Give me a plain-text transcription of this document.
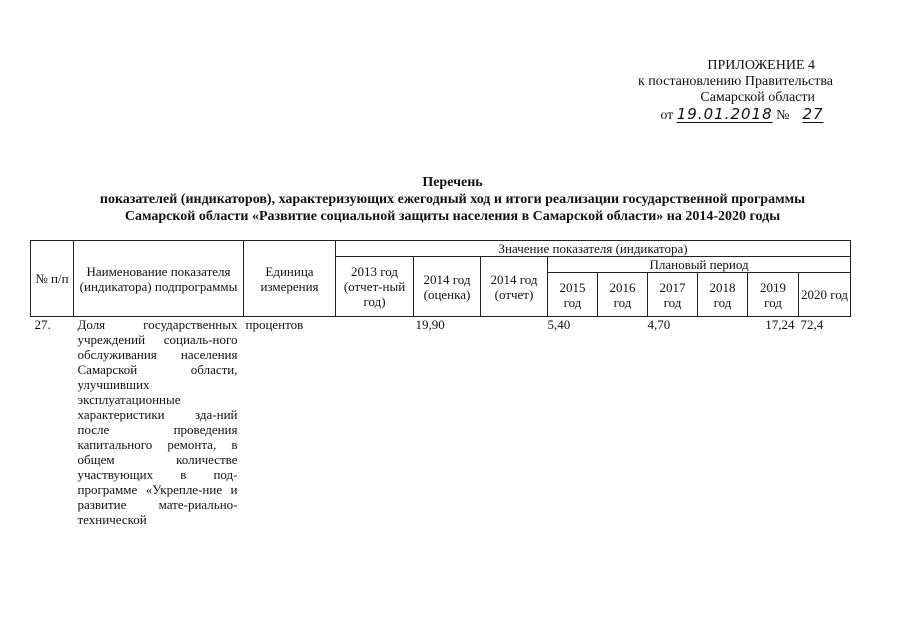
ПРИЛОЖЕНИЕ 4
к постановлению Правительства
Самарской области
от 19.01.2018 № 27
Перечень
показателей (индикаторов), характеризующих ежегодный ход и итоги реализации государственной программы
Самарской области «Развитие социальной защиты населения в Самарской области» на 2014-2020 годы
№ п/п	Наименование показателя (индикатора) подпрограммы	Единица измерения	Значение показателя (индикатора)								
			2013 год (отчет-ный год)	2014 год (оценка)	2014 год (отчет)	Плановый период					
						2015 год	2016 год	2017 год	2018 год	2019 год	2020 год
27.	Доля государственных учреждений социаль-ного обслуживания населения Самарской области, улучшивших эксплуатационные характеристики зда-ний после проведения капитального ремонта, в общем количестве участвующих в под-программе «Укрепле-ние и развитие мате-риально-технической	процентов		19,90		5,40		4,70		17,24	72,4
